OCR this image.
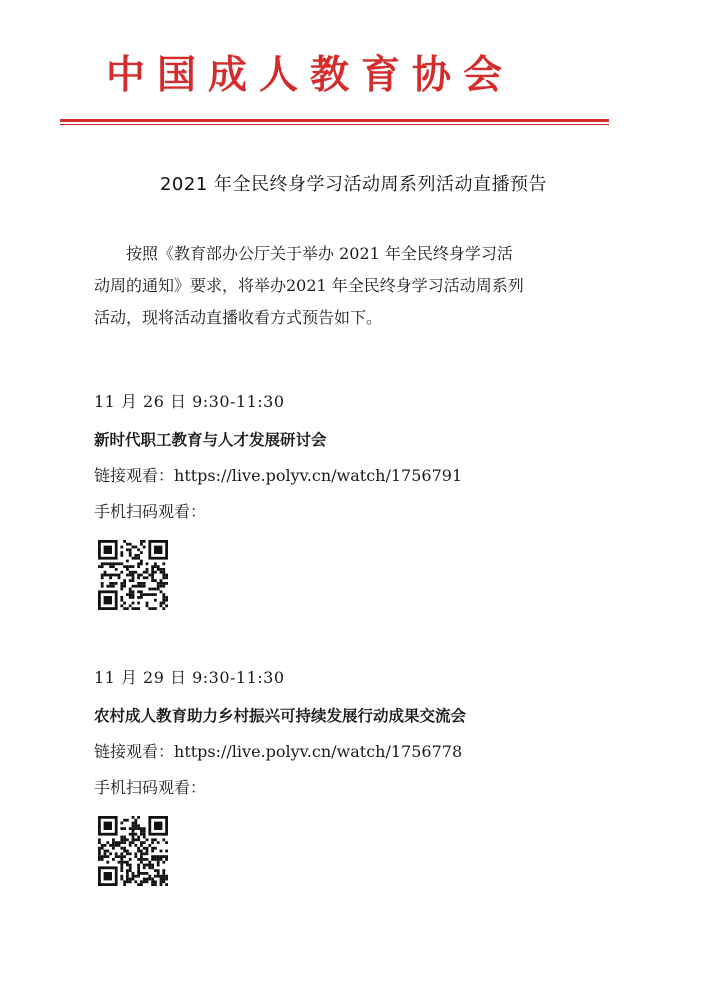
中国成人教育协会
2021 年全民终身学习活动周系列活动直播预告

按照《教育部办公厅关于举办 2021 年全民终身学习活

动周的通知》要求，将举办2021 年全民终身学习活动周系列

活动，现将活动直播收看方式预告如下。

11 月 26 日 9:30-11:30

新时代职工教育与人才发展研讨会

链接观看：https://live.polyv.cn/watch/1756791

手机扫码观看：

11 月 29 日 9:30-11:30

农村成人教育助力乡村振兴可持续发展行动成果交流会

链接观看：https://live.polyv.cn/watch/1756778

手机扫码观看：
